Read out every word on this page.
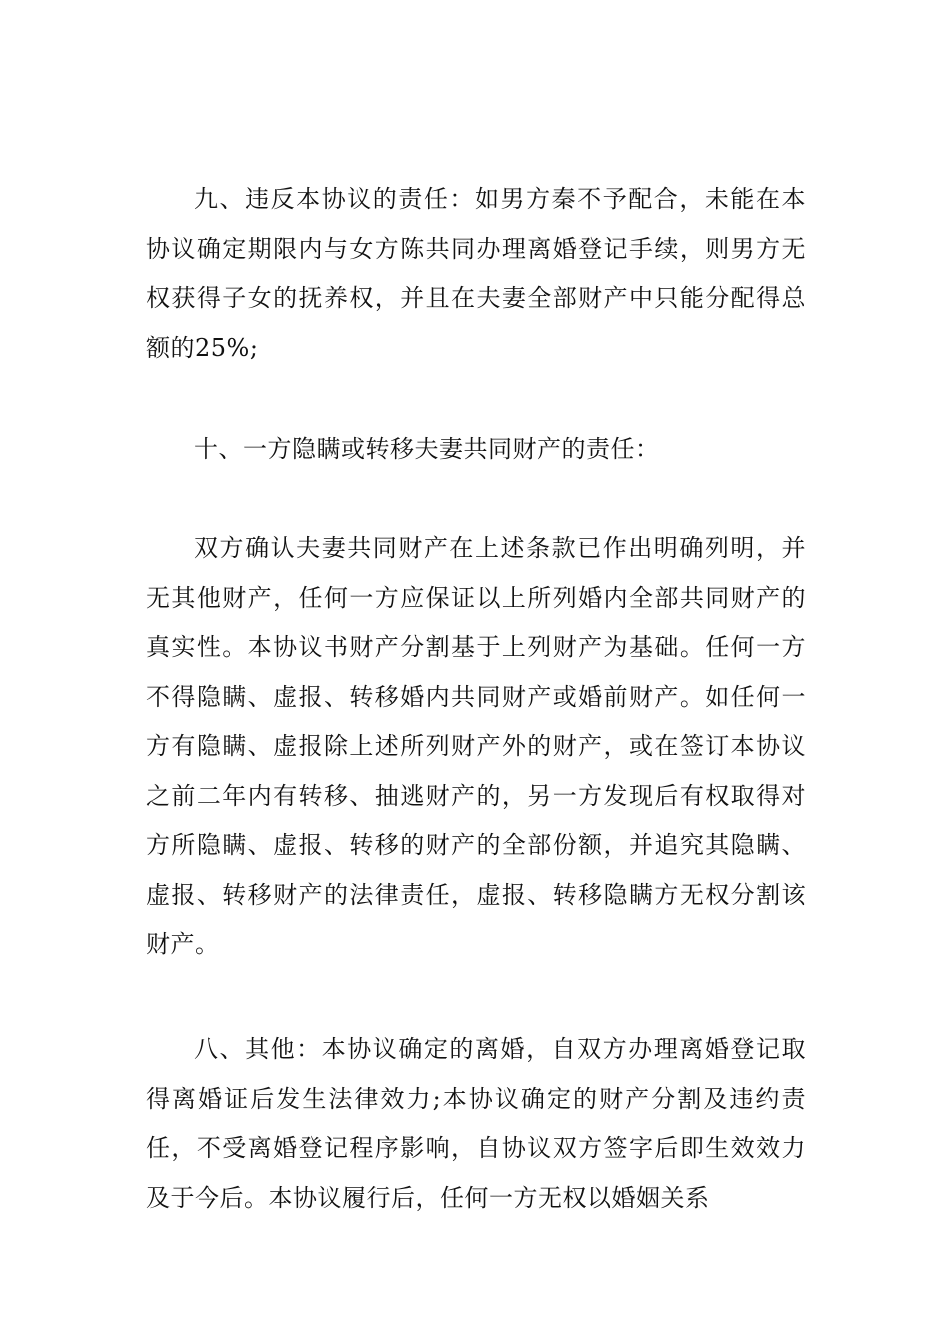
九、违反本协议的责任：如男方秦不予配合，未能在本协议确定期限内与女方陈共同办理离婚登记手续，则男方无权获得子女的抚养权，并且在夫妻全部财产中只能分配得总额的25%;

十、一方隐瞒或转移夫妻共同财产的责任：

双方确认夫妻共同财产在上述条款已作出明确列明，并无其他财产，任何一方应保证以上所列婚内全部共同财产的真实性。本协议书财产分割基于上列财产为基础。任何一方不得隐瞒、虚报、转移婚内共同财产或婚前财产。如任何一方有隐瞒、虚报除上述所列财产外的财产，或在签订本协议之前二年内有转移、抽逃财产的，另一方发现后有权取得对方所隐瞒、虚报、转移的财产的全部份额，并追究其隐瞒、虚报、转移财产的法律责任，虚报、转移隐瞒方无权分割该财产。

八、其他：本协议确定的离婚，自双方办理离婚登记取得离婚证后发生法律效力;本协议确定的财产分割及违约责任，不受离婚登记程序影响，自协议双方签字后即生效效力及于今后。本协议履行后，任何一方无权以婚姻关系
